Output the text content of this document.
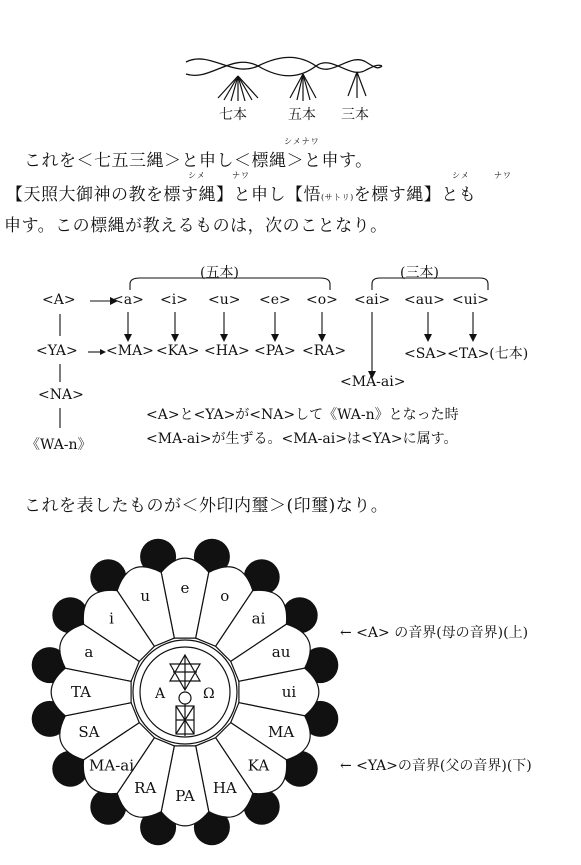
七本	五本 三本
シメナワ
これを＜七五三縄＞と申し＜標縄＞と申す。
シメ	ナワ	シメ	ナワ
【天照大御神の教を標す縄】と申し【悟(サトリ)を標す縄】とも
申す。この標縄が教えるものは，次のことなり。
(五本)	(三本)
<A>	<a> <i> <u> <e> <o> <ai> <au> <ui>
<YA> <MA> <KA> <HA> <PA> <RA>	<SA><TA>(七本)
<NA>
《WA-n》
<MA-ai>
<A>と<YA>が<NA>して《WA-n》となった時
<MA-ai>が生ずる。<MA-ai>は<YA>に属す。
これを表したものが＜外印内璽＞(印璽)なり。
e o
ai
au
ui
MA
KA
HA
PA
RA
MA-ai
SA
TA
a
i
u
A	Ω
← <A> の音界(母の音界)(上)
← <YA>の音界(父の音界)(下)
